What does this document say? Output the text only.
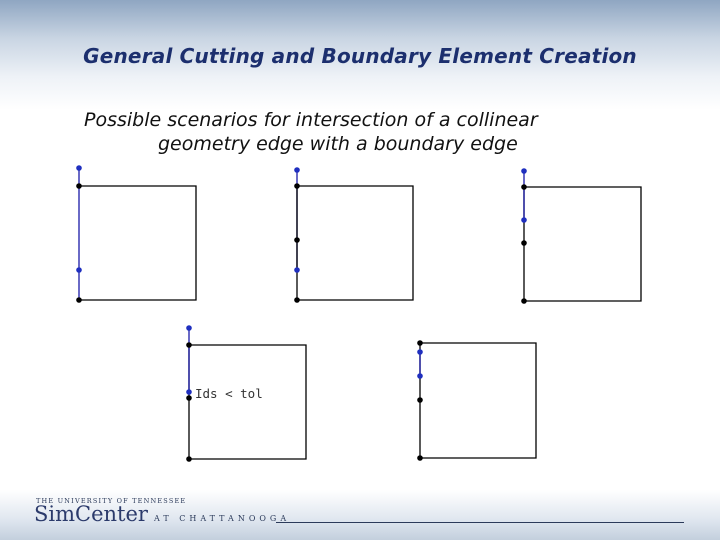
General Cutting and Boundary Element Creation
Possible scenarios for intersection of a collinear
geometry edge with a boundary edge
Ids < tol
THE UNIVERSITY OF TENNESSEE
SimCenter AT CHATTANOOGA
